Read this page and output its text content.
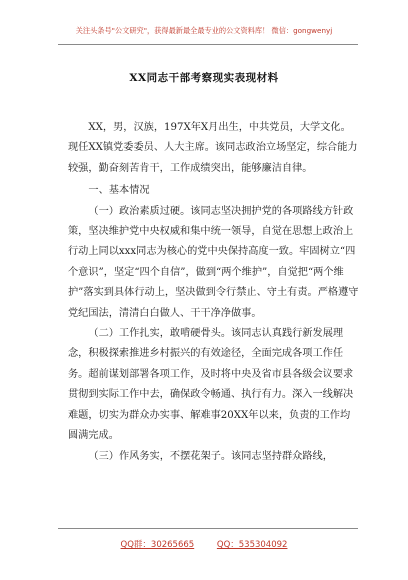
关注头条号"公文研究"，获得最新最全最专业的公文资料库！ 微信：gongwenyj
XX同志干部考察现实表现材料

XX，男，汉族，197X年X月出生，中共党员，大学文化。现任XX镇党委委员、人大主席。该同志政治立场坚定，综合能力较强，勤奋刻苦肯干，工作成绩突出，能够廉洁自律。

一、基本情况

（一）政治素质过硬。该同志坚决拥护党的各项路线方针政策，坚决维护党中央权威和集中统一领导，自觉在思想上政治上行动上同以xxx同志为核心的党中央保持高度一致。牢固树立“四个意识”，坚定“四个自信”，做到“两个维护”，自觉把“两个维护”落实到具体行动上，坚决做到令行禁止、守土有责。严格遵守党纪国法，清清白白做人、干干净净做事。

（二）工作扎实，敢啃硬骨头。该同志认真践行新发展理念，积极探索推进乡村振兴的有效途径，全面完成各项工作任务。超前谋划部署各项工作，及时将中央及省市县各级会议要求贯彻到实际工作中去，确保政令畅通、执行有力。深入一线解决难题，切实为群众办实事、解难事20XX年以来，负责的工作均圆满完成。

（三）作风务实，不摆花架子。该同志坚持群众路线，

QQ群：30265665	QQ：535304092
